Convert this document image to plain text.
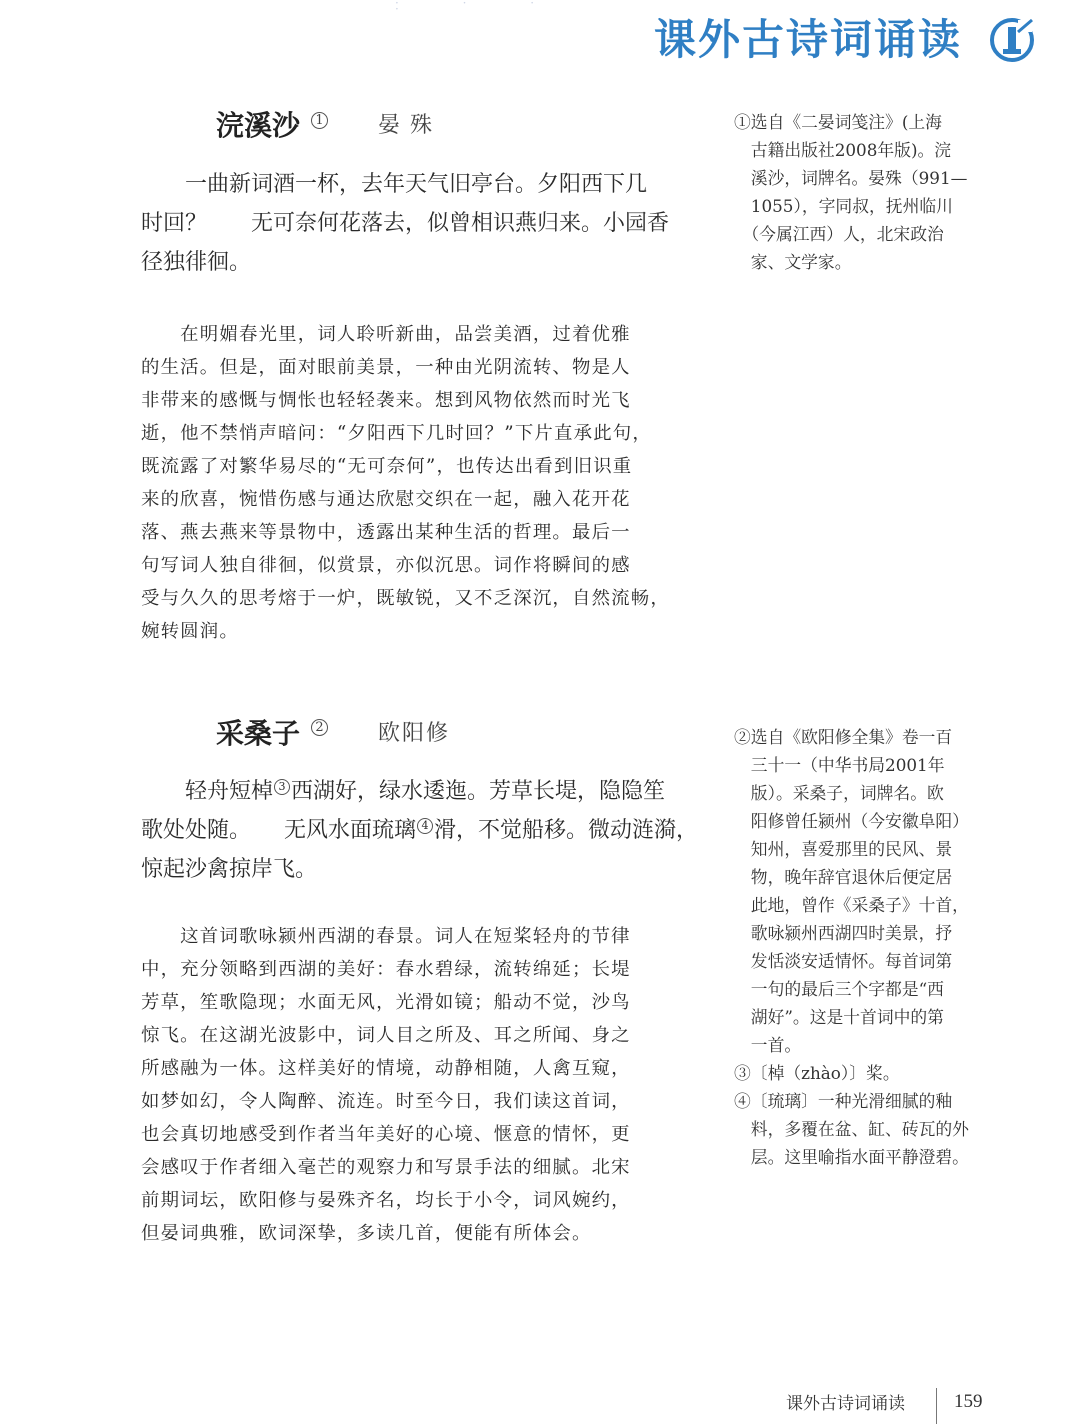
· · · ·
课外古诗词诵读	I
浣溪沙	1 晏殊
　　一曲新词酒一杯，去年天气旧亭台。夕阳西下几
时回？　　无可奈何花落去，似曾相识燕归来。小园香
径独徘徊。
　　在明媚春光里，词人聆听新曲，品尝美酒，过着优雅
的生活。但是，面对眼前美景，一种由光阴流转、物是人
非带来的感慨与惆怅也轻轻袭来。想到风物依然而时光飞
逝，他不禁悄声暗问：“夕阳西下几时回？”下片直承此句，
既流露了对繁华易尽的“无可奈何”，也传达出看到旧识重
来的欣喜，惋惜伤感与通达欣慰交织在一起，融入花开花
落、燕去燕来等景物中，透露出某种生活的哲理。最后一
句写词人独自徘徊，似赏景，亦似沉思。词作将瞬间的感
受与久久的思考熔于一炉，既敏锐，又不乏深沉，自然流畅，
婉转圆润。
①选自《二晏词笺注》(上海
　古籍出版社2008年版)。浣
　溪沙，词牌名。晏殊（991—
　1055），字同叔，抚州临川
　（今属江西）人，北宋政治
　家、文学家。
采桑子	2 欧阳修
　　轻舟短棹 3 西湖好，绿水逶迤。芳草长堤，隐隐笙
歌处处随。　　无风水面琉璃 4 滑，不觉船移。微动涟漪，
惊起沙禽掠岸飞。
　　这首词歌咏颍州西湖的春景。词人在短桨轻舟的节律
中，充分领略到西湖的美好：春水碧绿，流转绵延；长堤
芳草，笙歌隐现；水面无风，光滑如镜；船动不觉，沙鸟
惊飞。在这湖光波影中，词人目之所及、耳之所闻、身之
所感融为一体。这样美好的情境，动静相随，人禽互窥，
如梦如幻，令人陶醉、流连。时至今日，我们读这首词，
也会真切地感受到作者当年美好的心境、惬意的情怀，更
会感叹于作者细入毫芒的观察力和写景手法的细腻。北宋
前期词坛，欧阳修与晏殊齐名，均长于小令，词风婉约，
但晏词典雅，欧词深挚，多读几首，便能有所体会。
②选自《欧阳修全集》卷一百
　三十一（中华书局2001年
　版）。采桑子，词牌名。欧
　阳修曾任颍州（今安徽阜阳）
　知州，喜爱那里的民风、景
　物，晚年辞官退休后便定居
　此地，曾作《采桑子》十首，
　歌咏颍州西湖四时美景，抒
　发恬淡安适情怀。每首词第
　一句的最后三个字都是“西
　湖好”。这是十首词中的第
　一首。
③〔棹（zhào）〕桨。
④〔琉璃〕一种光滑细腻的釉
　料，多覆在盆、缸、砖瓦的外
　层。这里喻指水面平静澄碧。
课外古诗词诵读	159
